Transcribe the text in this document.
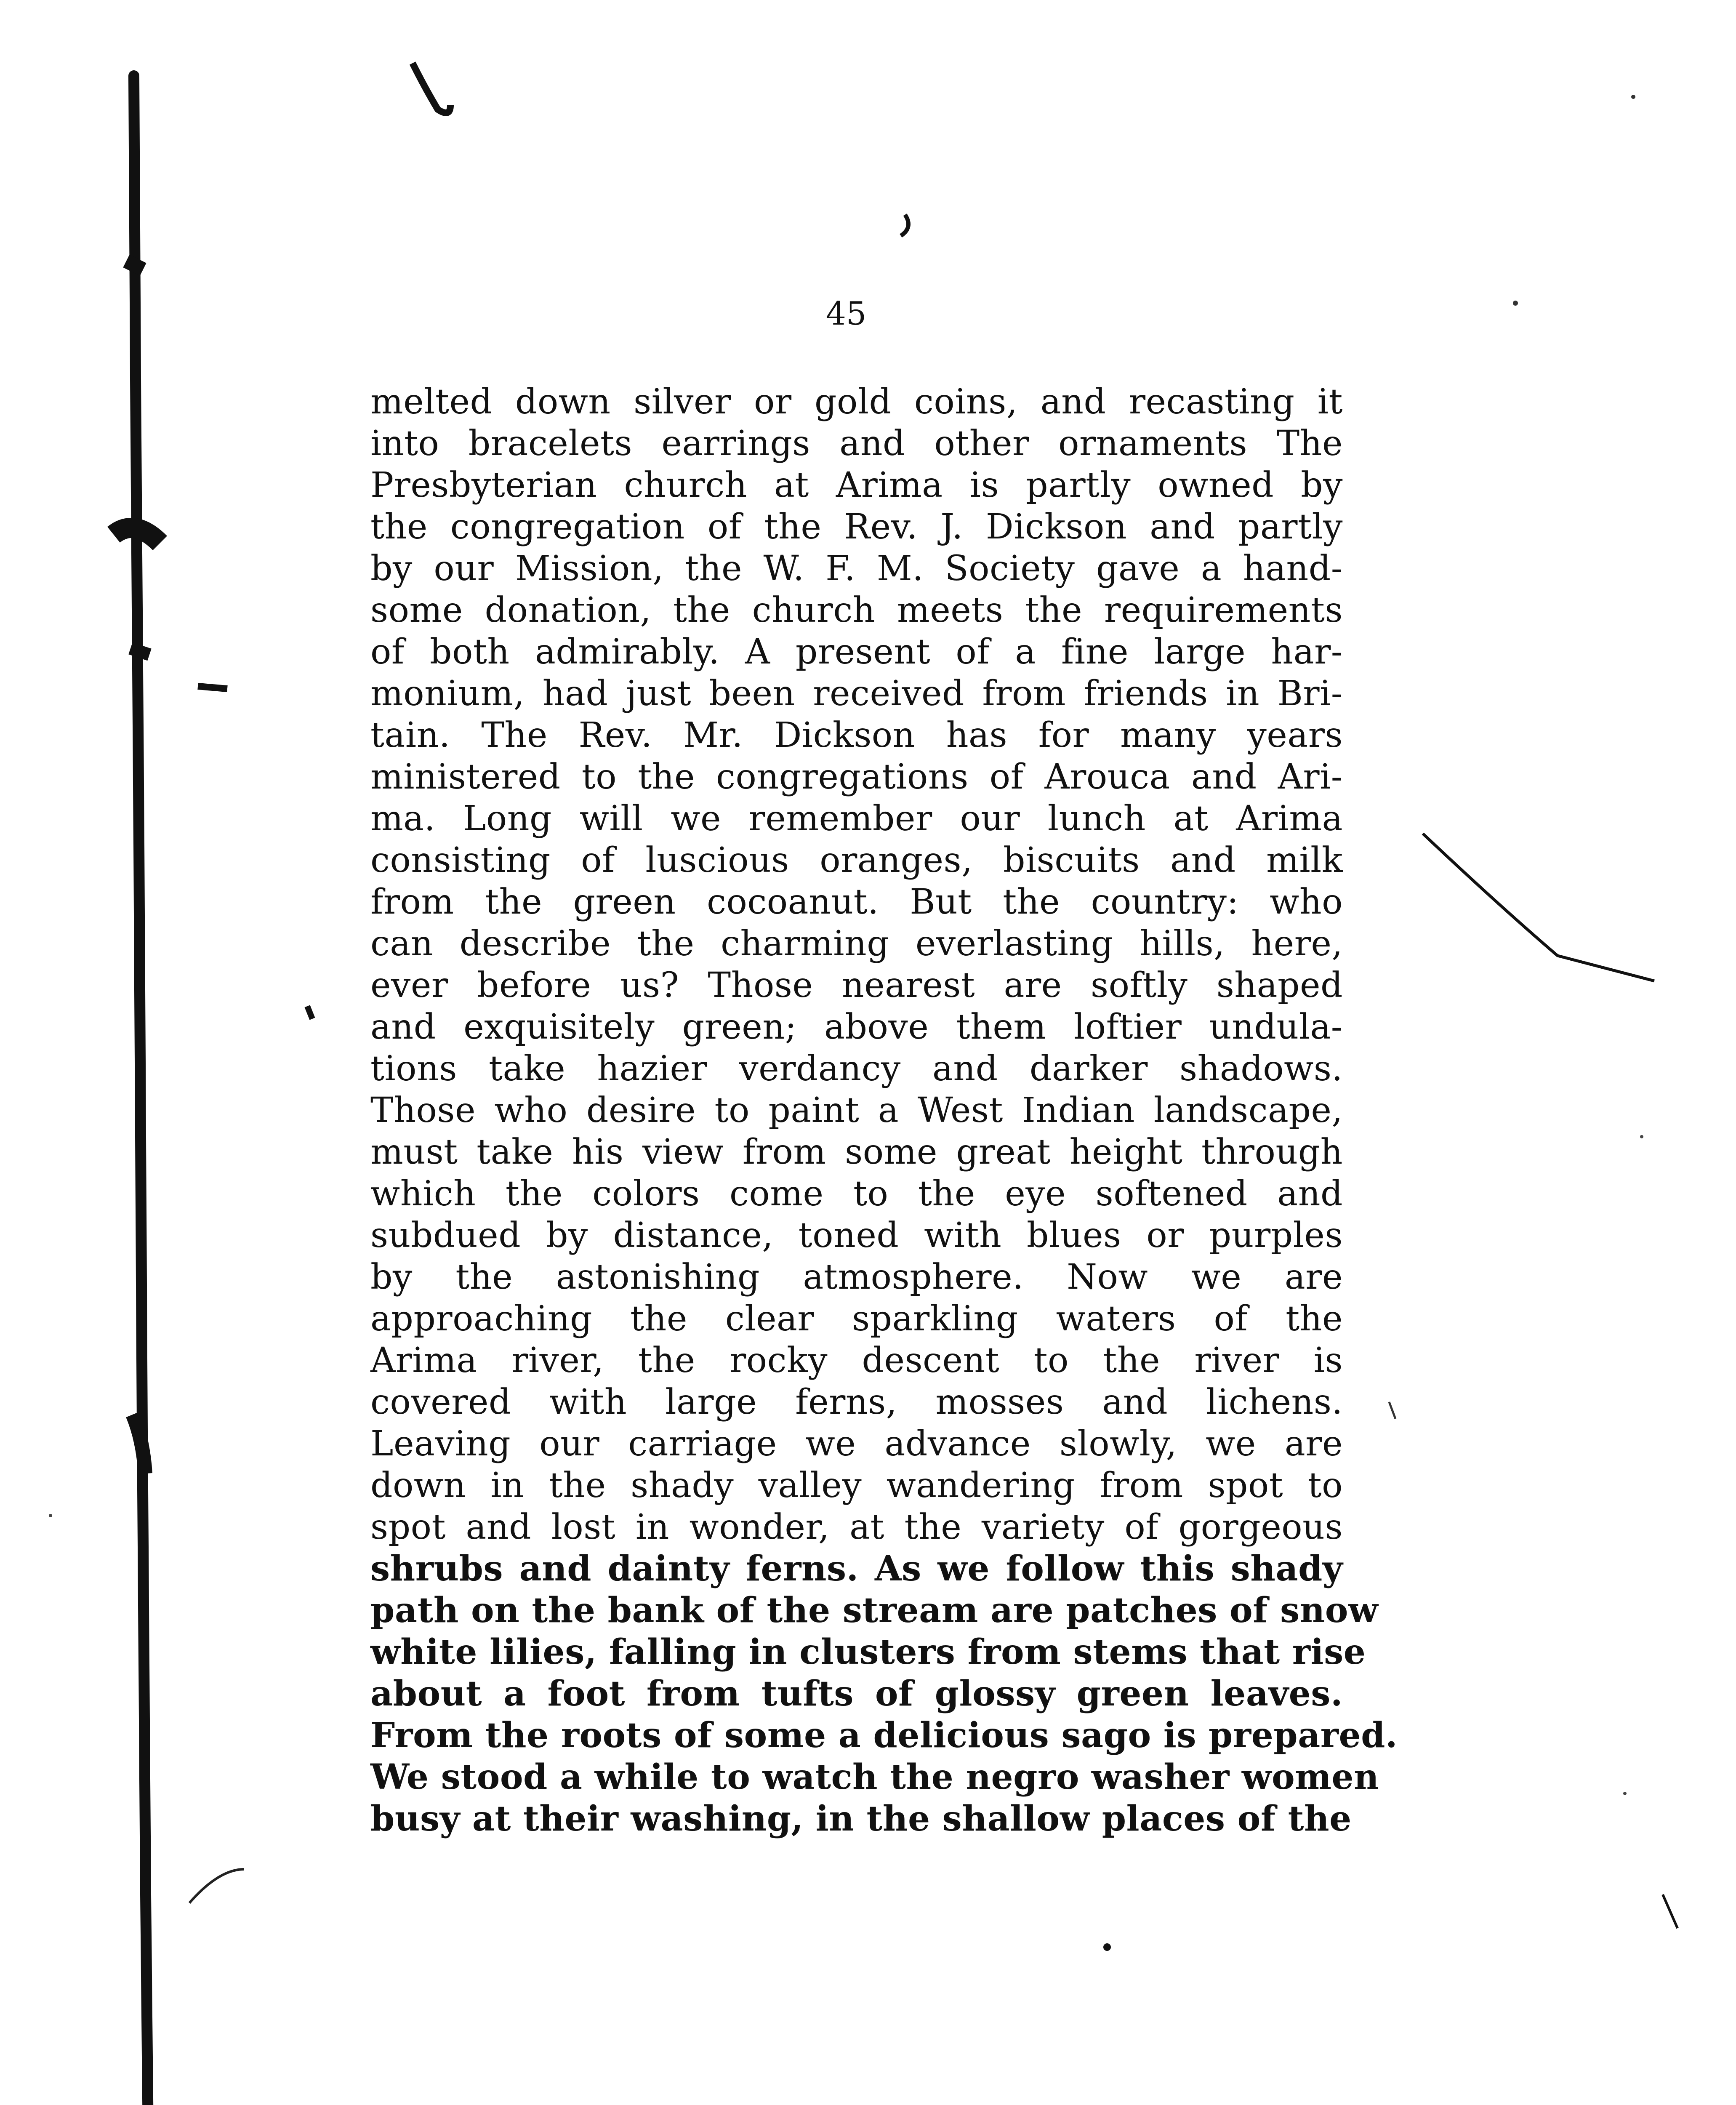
45
melted down silver or gold coins, and recasting it
into bracelets earrings and other ornaments The
Presbyterian church at Arima is partly owned by
the congregation of the Rev. J. Dickson and partly
by our Mission, the W. F. M. Society gave a hand-
some donation, the church meets the requirements
of both admirably. A present of a fine large har-
monium, had just been received from friends in Bri-
tain. The Rev. Mr. Dickson has for many years
ministered to the congregations of Arouca and Ari-
ma. Long will we remember our lunch at Arima
consisting of luscious oranges, biscuits and milk
from the green cocoanut. But the country: who
can describe the charming everlasting hills, here,
ever before us? Those nearest are softly shaped
and exquisitely green; above them loftier undula-
tions take hazier verdancy and darker shadows.
Those who desire to paint a West Indian landscape,
must take his view from some great height through
which the colors come to the eye softened and
subdued by distance, toned with blues or purples
by the astonishing atmosphere. Now we are
approaching the clear sparkling waters of the
Arima river, the rocky descent to the river is
covered with large ferns, mosses and lichens.
Leaving our carriage we advance slowly, we are
down in the shady valley wandering from spot to
spot and lost in wonder, at the variety of gorgeous
shrubs and dainty ferns. As we follow this shady
path on the bank of the stream are patches of snow
white lilies, falling in clusters from stems that rise
about a foot from tufts of glossy green leaves.
From the roots of some a delicious sago is prepared.
We stood a while to watch the negro washer women
busy at their washing, in the shallow places of the
